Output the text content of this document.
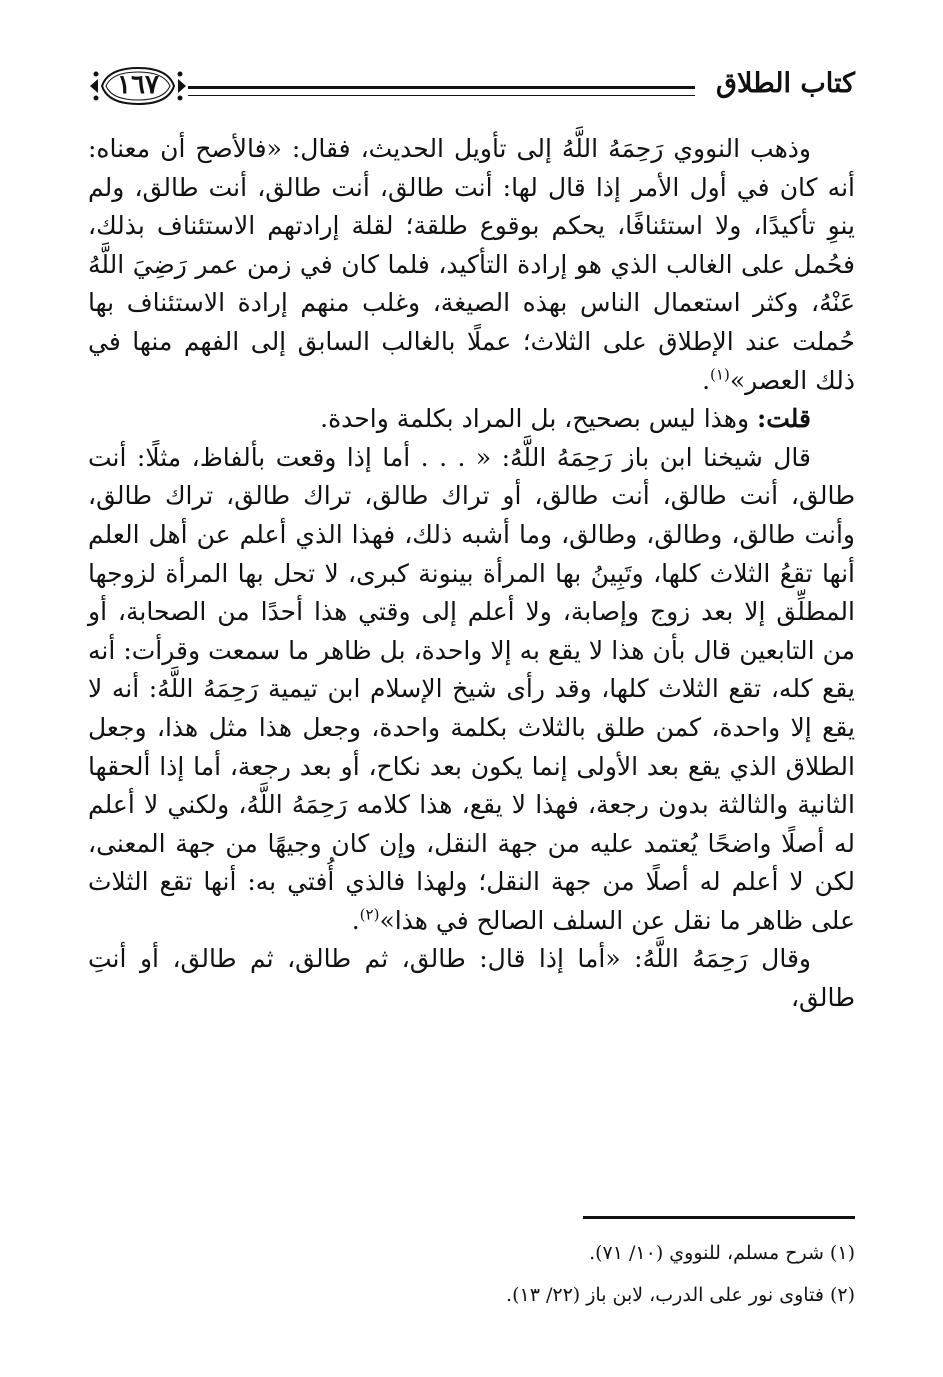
كتاب الطلاق
١٦٧

وذهب النووي رَحِمَهُ اللَّهُ إلى تأويل الحديث، فقال: «فالأصح أن معناه: أنه كان في أول الأمر إذا قال لها: أنت طالق، أنت طالق، أنت طالق، ولم ينوِ تأكيدًا، ولا استئنافًا، يحكم بوقوع طلقة؛ لقلة إرادتهم الاستئناف بذلك، فحُمل على الغالب الذي هو إرادة التأكيد، فلما كان في زمن عمر رَضِيَ اللَّهُ عَنْهُ، وكثر استعمال الناس بهذه الصيغة، وغلب منهم إرادة الاستئناف بها حُملت عند الإطلاق على الثلاث؛ عملًا بالغالب السابق إلى الفهم منها في ذلك العصر»$^{(١)}$.

قلت: وهذا ليس بصحيح، بل المراد بكلمة واحدة.

قال شيخنا ابن باز رَحِمَهُ اللَّهُ: « . . . أما إذا وقعت بألفاظ، مثلًا: أنت طالق، أنت طالق، أنت طالق، أو تراك طالق، تراك طالق، تراك طالق، وأنت طالق، وطالق، وطالق، وما أشبه ذلك، فهذا الذي أعلم عن أهل العلم أنها تقعُ الثلاث كلها، وتَبِينُ بها المرأة بينونة كبرى، لا تحل بها المرأة لزوجها المطلِّق إلا بعد زوج وإصابة، ولا أعلم إلى وقتي هذا أحدًا من الصحابة، أو من التابعين قال بأن هذا لا يقع به إلا واحدة، بل ظاهر ما سمعت وقرأت: أنه يقع كله، تقع الثلاث كلها، وقد رأى شيخ الإسلام ابن تيمية رَحِمَهُ اللَّهُ: أنه لا يقع إلا واحدة، كمن طلق بالثلاث بكلمة واحدة، وجعل هذا مثل هذا، وجعل الطلاق الذي يقع بعد الأولى إنما يكون بعد نكاح، أو بعد رجعة، أما إذا ألحقها الثانية والثالثة بدون رجعة، فهذا لا يقع، هذا كلامه رَحِمَهُ اللَّهُ، ولكني لا أعلم له أصلًا واضحًا يُعتمد عليه من جهة النقل، وإن كان وجيهًا من جهة المعنى، لكن لا أعلم له أصلًا من جهة النقل؛ ولهذا فالذي أُفتي به: أنها تقع الثلاث على ظاهر ما نقل عن السلف الصالح في هذا»$^{(٢)}$.

وقال رَحِمَهُ اللَّهُ: «أما إذا قال: طالق، ثم طالق، ثم طالق، أو أنتِ طالق،

(١) شرح مسلم، للنووي (١٠/ ٧١).

(٢) فتاوى نور على الدرب، لابن باز (٢٢/ ١٣).
